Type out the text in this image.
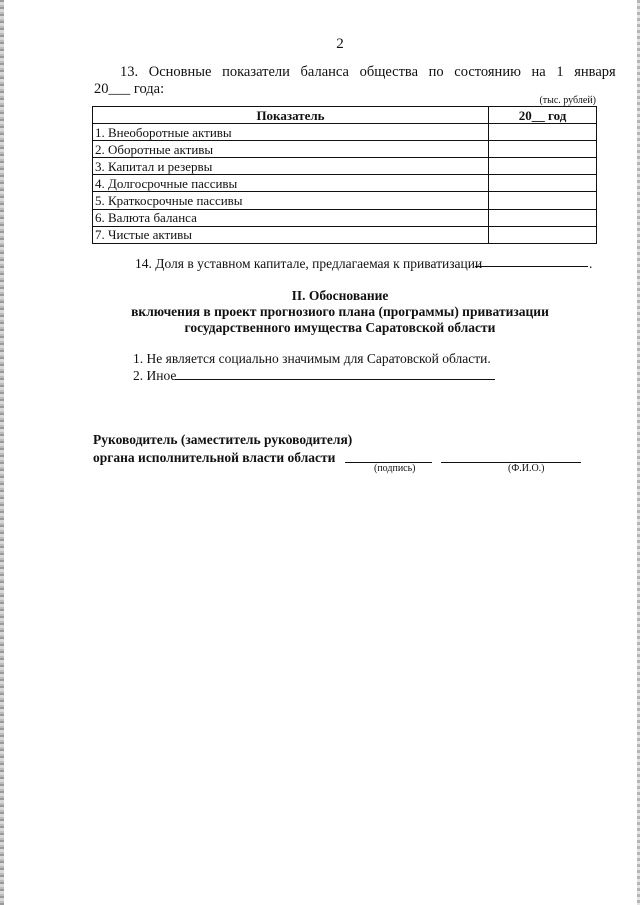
2
13. Основные показатели баланса общества по состоянию на 1 января
20___ года:
(тыс. рублей)
Показатель	20__ год
1. Внеоборотные активы	
2. Оборотные активы	
3. Капитал и резервы	
4. Долгосрочные пассивы	
5. Краткосрочные пассивы	
6. Валюта баланса	
7. Чистые активы	
14. Доля в уставном капитале, предлагаемая к приватизации	.
II. Обоснование
включения в проект прогнозиого плана (программы) приватизации
государственного имущества Саратовской области
1. Не является социально значимым для Саратовской области.
2. Иное
Руководитель (заместитель руководителя)
органа исполнительной власти области
(подпись)	(Ф.И.О.)
